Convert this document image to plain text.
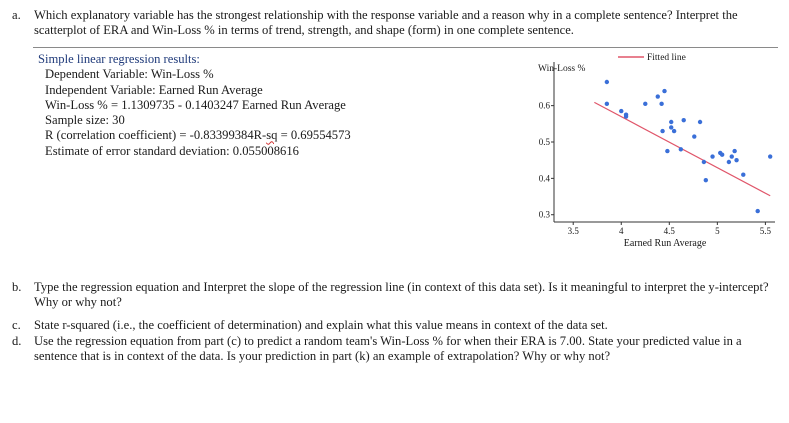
a. Which explanatory variable has the strongest relationship with the response variable and a reason why in a complete sentence? Interpret the scatterplot of ERA and Win-Loss % in terms of trend, strength, and shape (form) in one complete sentence.
Simple linear regression results:
Dependent Variable: Win-Loss %
Independent Variable: Earned Run Average
Win-Loss % = 1.1309735 - 0.1403247 Earned Run Average
Sample size: 30
R (correlation coefficient) = -0.83399384R-sq = 0.69554573
Estimate of error standard deviation: 0.055008616
0.3
0.4
0.5
0.6
3.5	4	4.5	5	5.5
Win-Loss %
Earned Run Average
Fitted line
b. Type the regression equation and Interpret the slope of the regression line (in context of this data set). Is it meaningful to interpret the y-intercept? Why or why not?
c. State r-squared (i.e., the coefficient of determination) and explain what this value means in context of the data set.
d. Use the regression equation from part (c) to predict a random team's Win-Loss % for when their ERA is 7.00. State your predicted value in a sentence that is in context of the data. Is your prediction in part (k) an example of extrapolation? Why or why not?
